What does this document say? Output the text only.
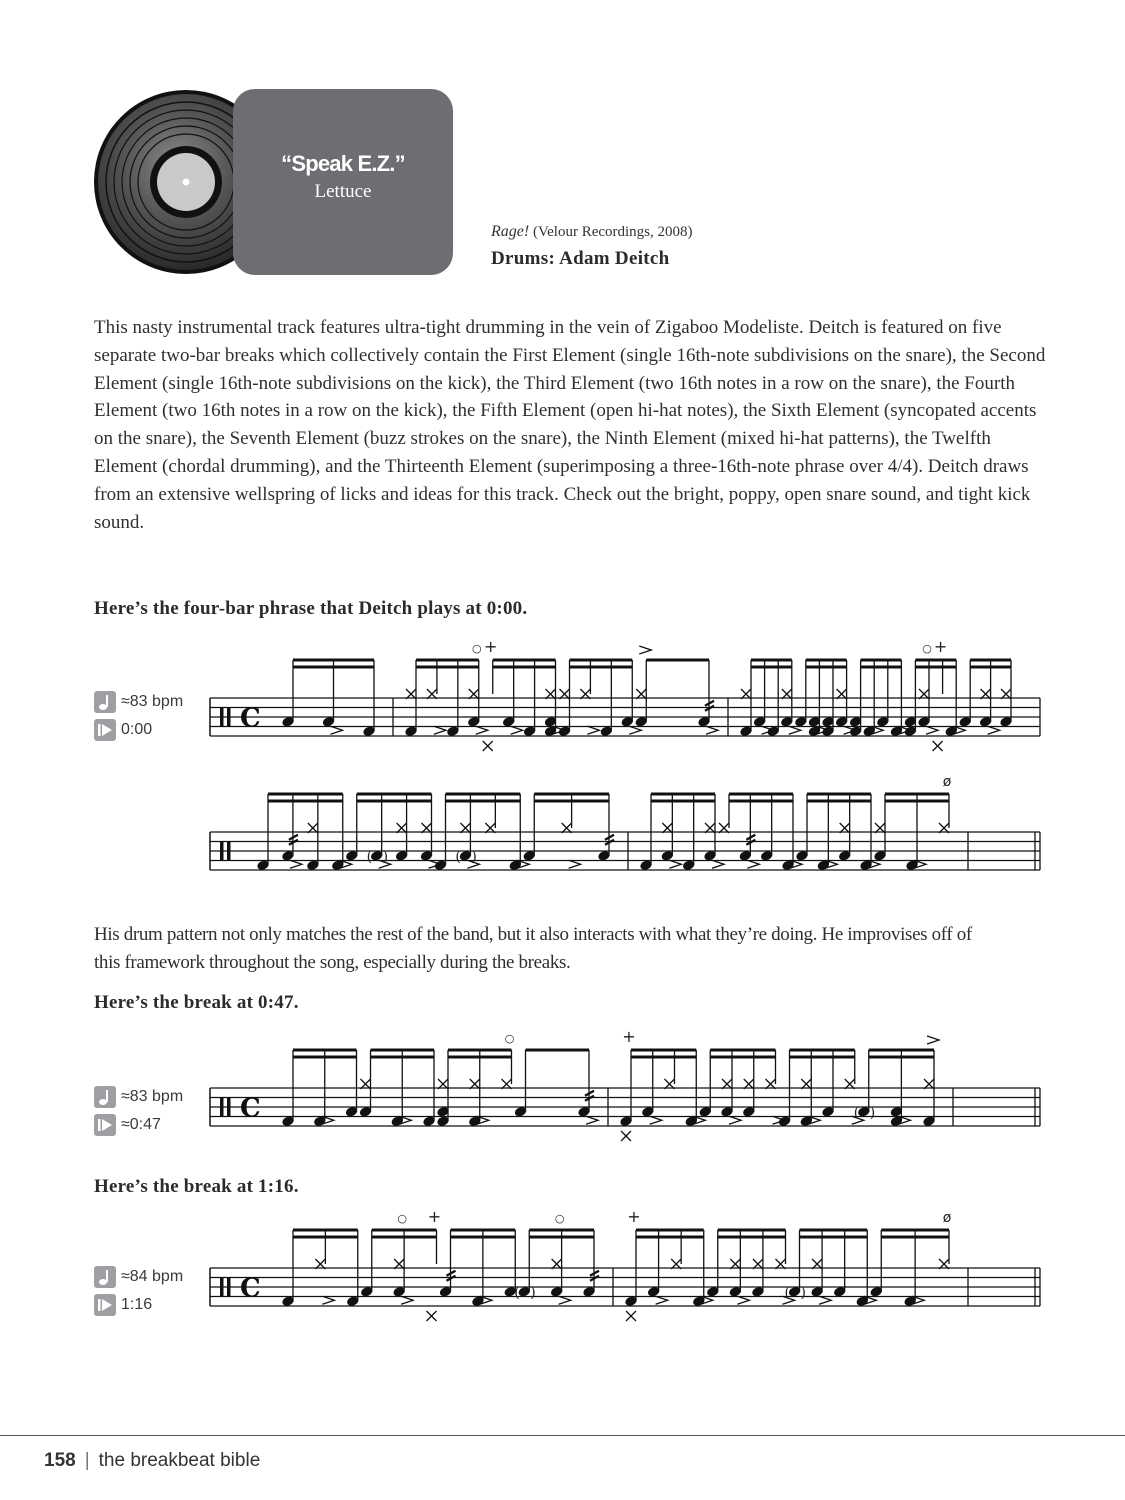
“Speak E.Z.”
Lettuce
Rage! (Velour Recordings, 2008)
Drums: Adam Deitch
This nasty instrumental track features ultra-tight drumming in the vein of Zigaboo Modeliste. Deitch is featured on five separate two-bar breaks which collectively contain the First Element (single 16th-note subdivisions on the snare), the Second Element (single 16th-note subdivisions on the kick), the Third Element (two 16th notes in a row on the snare), the Fourth Element (two 16th notes in a row on the kick), the Fifth Element (open hi-hat notes), the Sixth Element (syncopated accents on the snare), the Seventh Element (buzz strokes on the snare), the Ninth Element (mixed hi-hat patterns), the Twelfth Element (chordal drumming), and the Thirteenth Element (superimposing a three-16th-note phrase over 4/4). Deitch draws from an extensive wellspring of licks and ideas for this track. Check out the bright, poppy, open snare sound, and tight kick sound.
Here’s the four-bar phrase that Deitch plays at 0:00.
≈83 bpm
0:00
His drum pattern not only matches the rest of the band, but it also interacts with what they’re doing. He improvises off of this framework throughout the song, especially during the breaks.
Here’s the break at 0:47.
≈83 bpm
≈0:47
Here’s the break at 1:16.
≈84 bpm
1:16
C
○ +	○ +
( )	( )
ø
C
○	+
( )
C
○ +
( )
○	+
( )
ø
158 | the breakbeat bible
